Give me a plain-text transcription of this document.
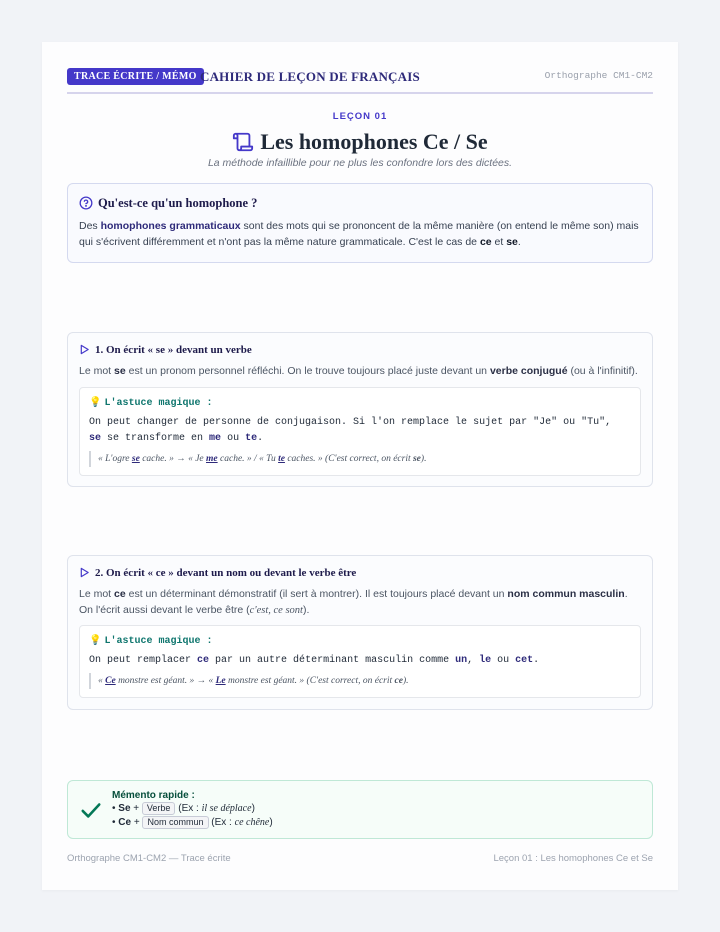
TRACE ÉCRITE / MÉMO CAHIER DE LEÇON DE FRANÇAIS	Orthographe CM1-CM2
LEÇON 01
Les homophones Ce / Se
La méthode infaillible pour ne plus les confondre lors des dictées.
Qu'est-ce qu'un homophone ?

Des homophones grammaticaux sont des mots qui se prononcent de la même manière (on entend le même son) mais qui s'écrivent différemment et n'ont pas la même nature grammaticale. C'est le cas de ce et se.

1. On écrit « se » devant un verbe

Le mot se est un pronom personnel réfléchi. On le trouve toujours placé juste devant un verbe conjugué (ou à l'infinitif).

💡 L'astuce magique :

On peut changer de personne de conjugaison. Si l'on remplace le sujet par "Je" ou "Tu", se se transforme en me ou te.

« L'ogre se cache. » → « Je me cache. » / « Tu te caches. » (C'est correct, on écrit se).
2. On écrit « ce » devant un nom ou devant le verbe être

Le mot ce est un déterminant démonstratif (il sert à montrer). Il est toujours placé devant un nom commun masculin. On l'écrit aussi devant le verbe être (c'est, ce sont).

💡 L'astuce magique :

On peut remplacer ce par un autre déterminant masculin comme un, le ou cet.

« Ce monstre est géant. » → « Le monstre est géant. » (C'est correct, on écrit ce).
Mémento rapide :
• Se + Verbe (Ex : il se déplace)
• Ce + Nom commun (Ex : ce chêne)
Orthographe CM1-CM2 — Trace écrite	Leçon 01 : Les homophones Ce et Se
